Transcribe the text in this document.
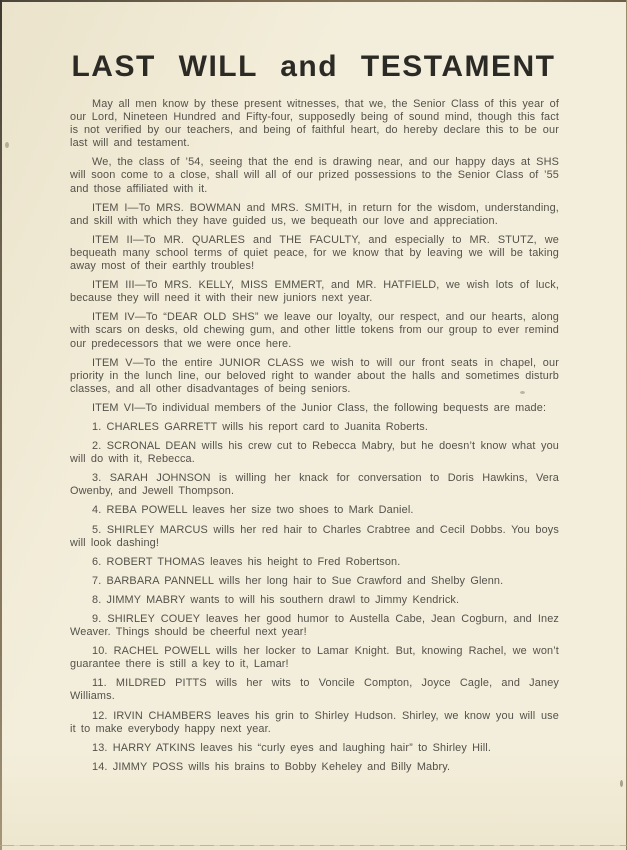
LAST WILL and TESTAMENT

May all men know by these present witnesses, that we, the Senior Class of this year of our Lord, Nineteen Hundred and Fifty-four, supposedly being of sound mind, though this fact is not verified by our teachers, and being of faithful heart, do hereby declare this to be our last will and testament.

We, the class of ’54, seeing that the end is drawing near, and our happy days at SHS will soon come to a close, shall will all of our prized possessions to the Senior Class of ’55 and those affiliated with it.

ITEM I—To MRS. BOWMAN and MRS. SMITH, in return for the wisdom, understanding, and skill with which they have guided us, we bequeath our love and appreciation.

ITEM II—To MR. QUARLES and THE FACULTY, and especially to MR. STUTZ, we bequeath many school terms of quiet peace, for we know that by leaving we will be taking away most of their earthly troubles!

ITEM III—To MRS. KELLY, MISS EMMERT, and MR. HATFIELD, we wish lots of luck, because they will need it with their new juniors next year.

ITEM IV—To “DEAR OLD SHS” we leave our loyalty, our respect, and our hearts, along with scars on desks, old chewing gum, and other little tokens from our group to ever remind our predecessors that we were once here.

ITEM V—To the entire JUNIOR CLASS we wish to will our front seats in chapel, our priority in the lunch line, our beloved right to wander about the halls and sometimes disturb classes, and all other disadvantages of being seniors.

ITEM VI—To individual members of the Junior Class, the following bequests are made:

1. CHARLES GARRETT wills his report card to Juanita Roberts.

2. SCRONAL DEAN wills his crew cut to Rebecca Mabry, but he doesn’t know what you will do with it, Rebecca.

3. SARAH JOHNSON is willing her knack for conversation to Doris Hawkins, Vera Owenby, and Jewell Thompson.

4. REBA POWELL leaves her size two shoes to Mark Daniel.

5. SHIRLEY MARCUS wills her red hair to Charles Crabtree and Cecil Dobbs. You boys will look dashing!

6. ROBERT THOMAS leaves his height to Fred Robertson.

7. BARBARA PANNELL wills her long hair to Sue Crawford and Shelby Glenn.

8. JIMMY MABRY wants to will his southern drawl to Jimmy Kendrick.

9. SHIRLEY COUEY leaves her good humor to Austella Cabe, Jean Cogburn, and Inez Weaver. Things should be cheerful next year!

10. RACHEL POWELL wills her locker to Lamar Knight. But, knowing Rachel, we won’t guarantee there is still a key to it, Lamar!

11. MILDRED PITTS wills her wits to Voncile Compton, Joyce Cagle, and Janey Williams.

12. IRVIN CHAMBERS leaves his grin to Shirley Hudson. Shirley, we know you will use it to make everybody happy next year.

13. HARRY ATKINS leaves his “curly eyes and laughing hair” to Shirley Hill.

14. JIMMY POSS wills his brains to Bobby Keheley and Billy Mabry.
